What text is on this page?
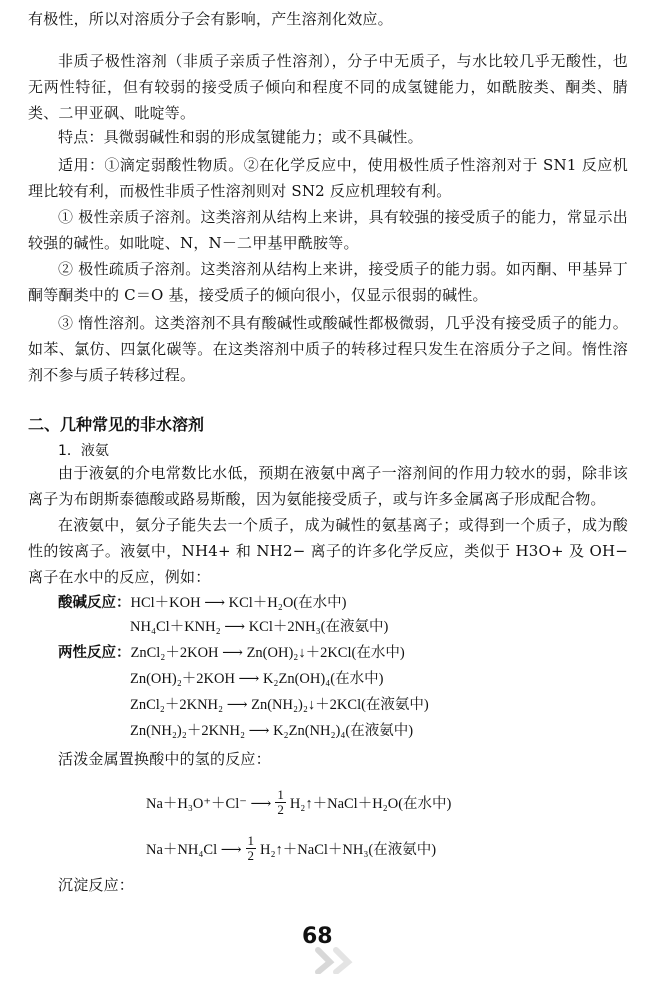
有极性，所以对溶质分子会有影响，产生溶剂化效应。

非质子极性溶剂（非质子亲质子性溶剂），分子中无质子，与水比较几乎无酸性，也无两性特征，但有较弱的接受质子倾向和程度不同的成氢键能力，如酰胺类、酮类、腈类、二甲亚砜、吡啶等。

特点：具微弱碱性和弱的形成氢键能力；或不具碱性。

适用：①滴定弱酸性物质。②在化学反应中，使用极性质子性溶剂对于 SN1 反应机理比较有利，而极性非质子性溶剂则对 SN2 反应机理较有利。

① 极性亲质子溶剂。这类溶剂从结构上来讲，具有较强的接受质子的能力，常显示出较强的碱性。如吡啶、N，N－二甲基甲酰胺等。

② 极性疏质子溶剂。这类溶剂从结构上来讲，接受质子的能力弱。如丙酮、甲基异丁酮等酮类中的 C＝O 基，接受质子的倾向很小，仅显示很弱的碱性。

③ 惰性溶剂。这类溶剂不具有酸碱性或酸碱性都极微弱，几乎没有接受质子的能力。如苯、氯仿、四氯化碳等。在这类溶剂中质子的转移过程只发生在溶质分子之间。惰性溶剂不参与质子转移过程。

二、几种常见的非水溶剂
1．液氨

由于液氨的介电常数比水低，预期在液氨中离子一溶剂间的作用力较水的弱，除非该离子为布朗斯泰德酸或路易斯酸，因为氨能接受质子，或与许多金属离子形成配合物。

在液氨中，氨分子能失去一个质子，成为碱性的氨基离子；或得到一个质子，成为酸性的铵离子。液氨中，NH4+ 和 NH2− 离子的许多化学反应，类似于 H3O+ 及 OH− 离子在水中的反应，例如：

酸碱反应：HCl＋KOH ⟶ KCl＋H₂O(在水中)
NH₄Cl＋KNH₂ ⟶ KCl＋2NH₃(在液氨中)
两性反应：ZnCl₂＋2KOH ⟶ Zn(OH)₂↓＋2KCl(在水中)
Zn(OH)₂＋2KOH ⟶ K₂Zn(OH)₄(在水中)
ZnCl₂＋2KNH₂ ⟶ Zn(NH₂)₂↓＋2KCl(在液氨中)
Zn(NH₂)₂＋2KNH₂ ⟶ K₂Zn(NH₂)₄(在液氨中)

活泼金属置换酸中的氢的反应：

Na＋H₃O⁺＋Cl⁻ ⟶ $\frac{1}{2}$ H₂↑＋NaCl＋H₂O(在水中)
Na＋NH₄Cl ⟶ $\frac{1}{2}$ H₂↑＋NaCl＋NH₃(在液氨中)

沉淀反应：

68
